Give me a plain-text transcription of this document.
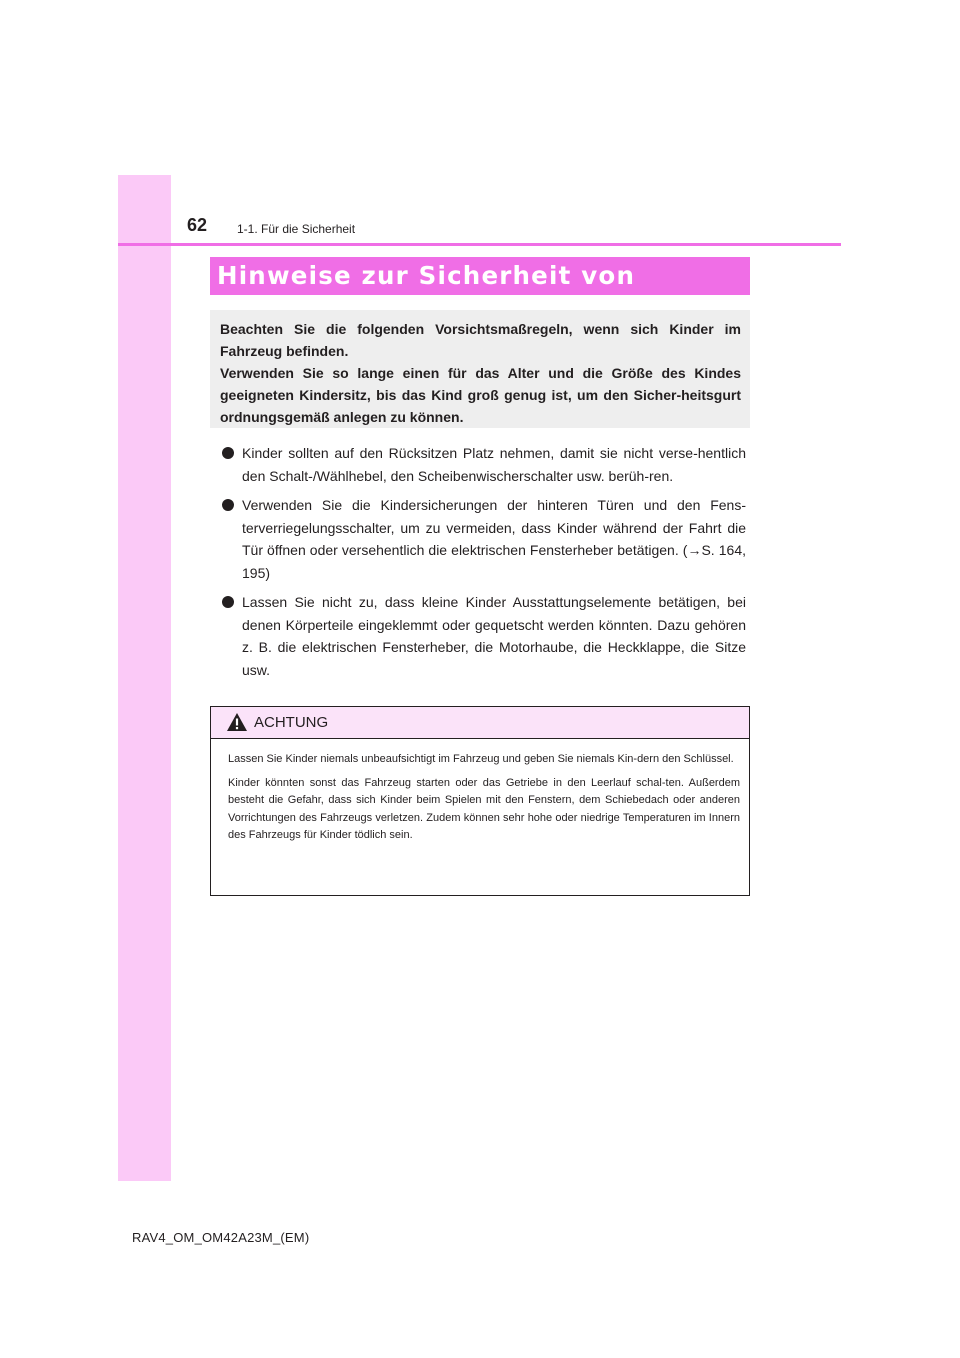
62 1-1. Für die Sicherheit
Hinweise zur Sicherheit von

Beachten Sie die folgenden Vorsichtsmaßregeln, wenn sich Kinder im Fahrzeug befinden.

Verwenden Sie so lange einen für das Alter und die Größe des Kindes geeigneten Kindersitz, bis das Kind groß genug ist, um den Sicher-heitsgurt ordnungsgemäß anlegen zu können.

Kinder sollten auf den Rücksitzen Platz nehmen, damit sie nicht verse-hentlich den Schalt-/Wählhebel, den Scheibenwischerschalter usw. berüh-ren.
Verwenden Sie die Kindersicherungen der hinteren Türen und den Fens-terverriegelungsschalter, um zu vermeiden, dass Kinder während der Fahrt die Tür öffnen oder versehentlich die elektrischen Fensterheber betätigen. (→S. 164, 195)
Lassen Sie nicht zu, dass kleine Kinder Ausstattungselemente betätigen, bei denen Körperteile eingeklemmt oder gequetscht werden könnten. Dazu gehören z. B. die elektrischen Fensterheber, die Motorhaube, die Heckklappe, die Sitze usw.
ACHTUNG

Lassen Sie Kinder niemals unbeaufsichtigt im Fahrzeug und geben Sie niemals Kin-dern den Schlüssel.

Kinder könnten sonst das Fahrzeug starten oder das Getriebe in den Leerlauf schal-ten. Außerdem besteht die Gefahr, dass sich Kinder beim Spielen mit den Fenstern, dem Schiebedach oder anderen Vorrichtungen des Fahrzeugs verletzen. Zudem können sehr hohe oder niedrige Temperaturen im Innern des Fahrzeugs für Kinder tödlich sein.

RAV4_OM_OM42A23M_(EM)
